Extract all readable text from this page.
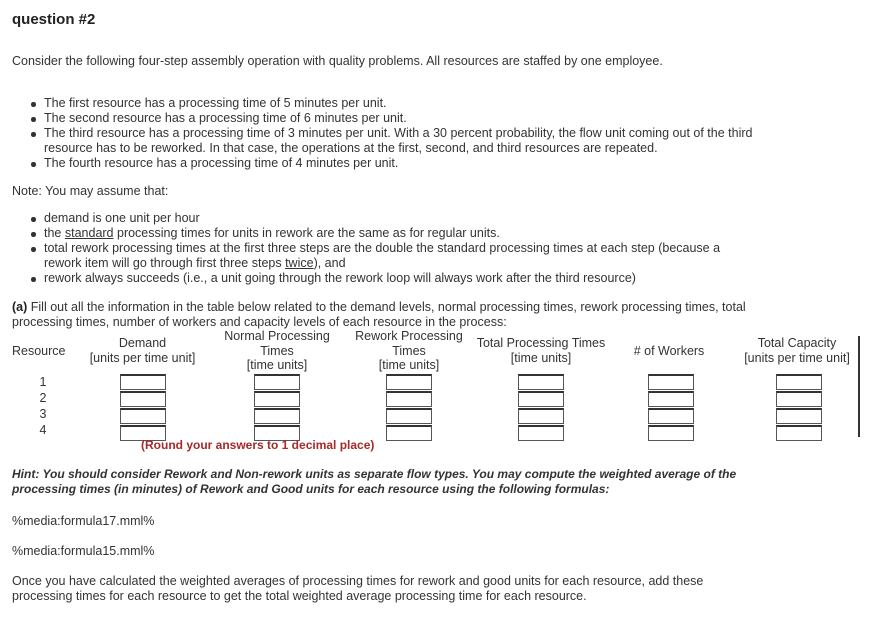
question #2
Consider the following four-step assembly operation with quality problems. All resources are staffed by one employee.
The first resource has a processing time of 5 minutes per unit.
The second resource has a processing time of 6 minutes per unit.
The third resource has a processing time of 3 minutes per unit. With a 30 percent probability, the flow unit coming out of the third resource has to be reworked. In that case, the operations at the first, second, and third resources are repeated.
The fourth resource has a processing time of 4 minutes per unit.
Note: You may assume that:
demand is one unit per hour
the standard processing times for units in rework are the same as for regular units.
total rework processing times at the first three steps are the double the standard processing times at each step (because a rework item will go through first three steps twice), and
rework always succeeds (i.e., a unit going through the rework loop will always work after the third resource)
(a) Fill out all the information in the table below related to the demand levels, normal processing times, rework processing times, total processing times, number of workers and capacity levels of each resource in the process:
Resource
Demand
[units per time unit]
Normal Processing
Times
[time units]
Rework Processing
Times
[time units]
Total Processing Times
[time units]	# of Workers
Total Capacity
[units per time unit]
1
2
3
4
(Round your answers to 1 decimal place)
Hint: You should consider Rework and Non-rework units as separate flow types. You may compute the weighted average of the processing times (in minutes) of Rework and Good units for each resource using the following formulas:
%media:formula17.mml%
%media:formula15.mml%
Once you have calculated the weighted averages of processing times for rework and good units for each resource, add these processing times for each resource to get the total weighted average processing time for each resource.
